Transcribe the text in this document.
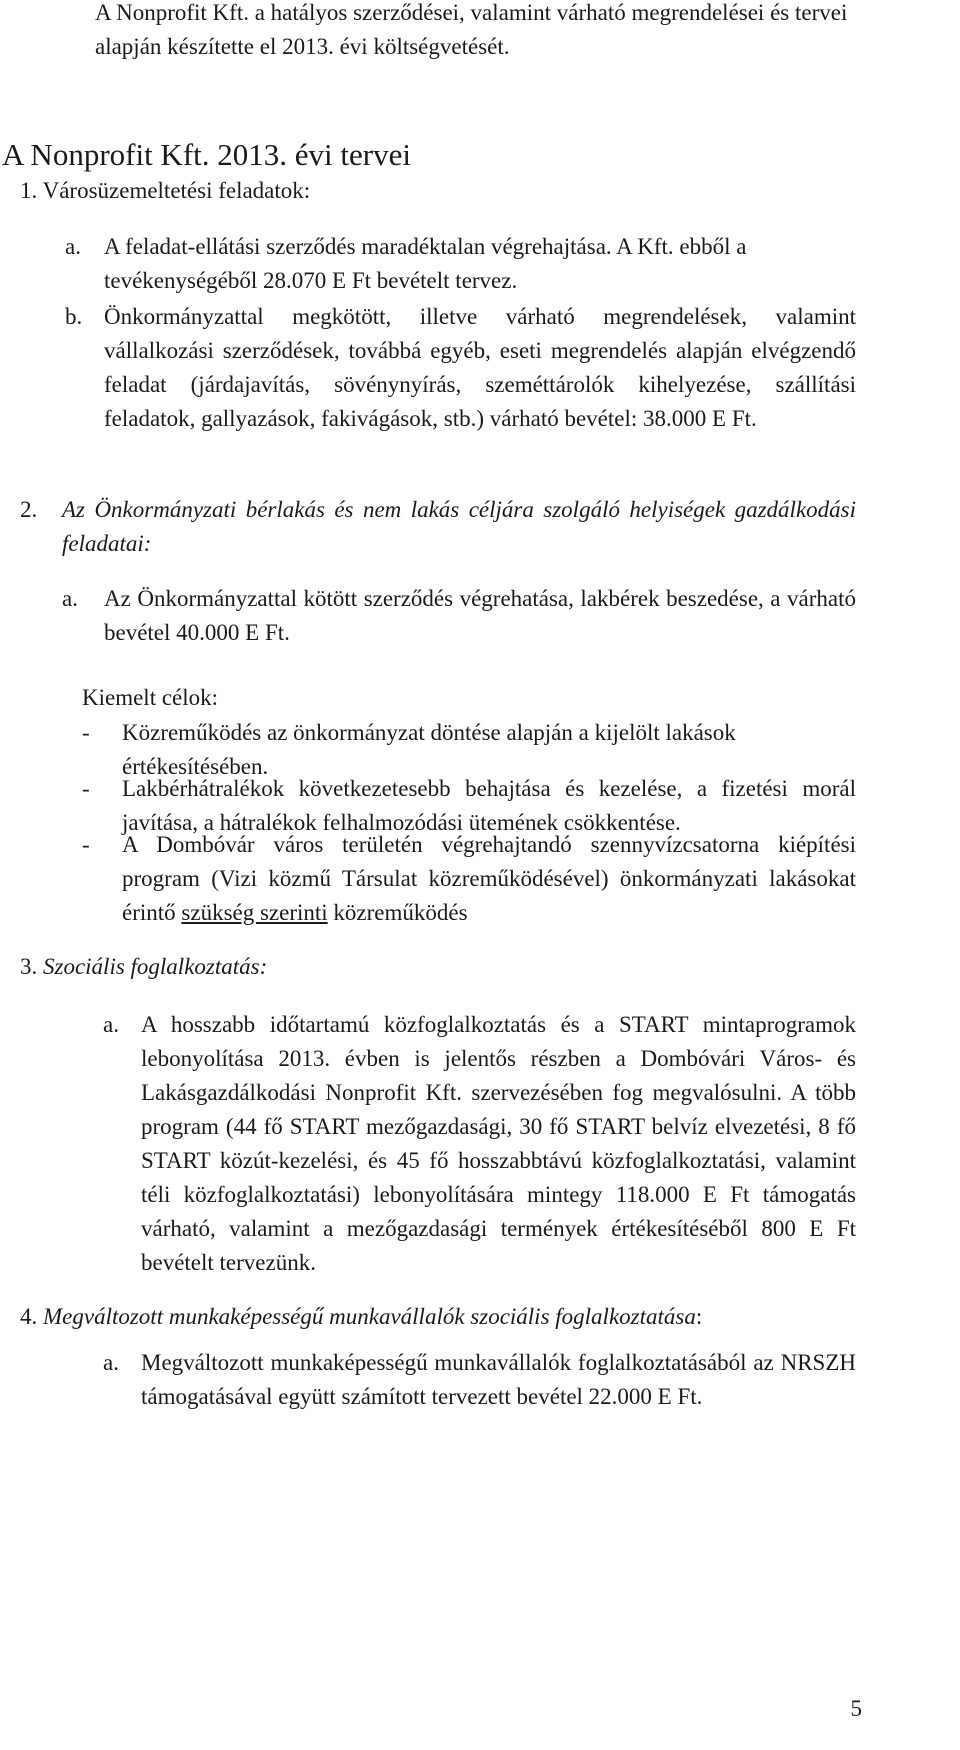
A Nonprofit Kft. a hatályos szerződései, valamint várható megrendelései és tervei alapján készítette el 2013. évi költségvetését.
A Nonprofit Kft. 2013. évi tervei
1. Városüzemeltetési feladatok:
a. A feladat-ellátási szerződés maradéktalan végrehajtása. A Kft. ebből a tevékenységéből 28.070 E Ft bevételt tervez.
b. Önkormányzattal megkötött, illetve várható megrendelések, valamint vállalkozási szerződések, továbbá egyéb, eseti megrendelés alapján elvégzendő feladat (járdajavítás, sövénynyírás, szeméttárolók kihelyezése, szállítási feladatok, gallyazások, fakivágások, stb.) várható bevétel: 38.000 E Ft.
2. Az Önkormányzati bérlakás és nem lakás céljára szolgáló helyiségek gazdálkodási feladatai:
a. Az Önkormányzattal kötött szerződés végrehatása, lakbérek beszedése, a várható bevétel 40.000 E Ft.
Kiemelt célok:
- Közreműködés az önkormányzat döntése alapján a kijelölt lakások értékesítésében.
- Lakbérhátralékok következetesebb behajtása és kezelése, a fizetési morál javítása, a hátralékok felhalmozódási ütemének csökkentése.
- A Dombóvár város területén végrehajtandó szennyvízcsatorna kiépítési program (Vizi közmű Társulat közreműködésével) önkormányzati lakásokat érintő szükség szerinti közreműködés
3. Szociális foglalkoztatás:
a. A hosszabb időtartamú közfoglalkoztatás és a START mintaprogramok lebonyolítása 2013. évben is jelentős részben a Dombóvári Város- és Lakásgazdálkodási Nonprofit Kft. szervezésében fog megvalósulni. A több program (44 fő START mezőgazdasági, 30 fő START belvíz elvezetési, 8 fő START közút-kezelési, és 45 fő hosszabbtávú közfoglalkoztatási, valamint téli közfoglalkoztatási) lebonyolítására mintegy 118.000 E Ft támogatás várható, valamint a mezőgazdasági termények értékesítéséből 800 E Ft bevételt tervezünk.
4. Megváltozott munkaképességű munkavállalók szociális foglalkoztatása:
a. Megváltozott munkaképességű munkavállalók foglalkoztatásából az NRSZH támogatásával együtt számított tervezett bevétel 22.000 E Ft.
5
